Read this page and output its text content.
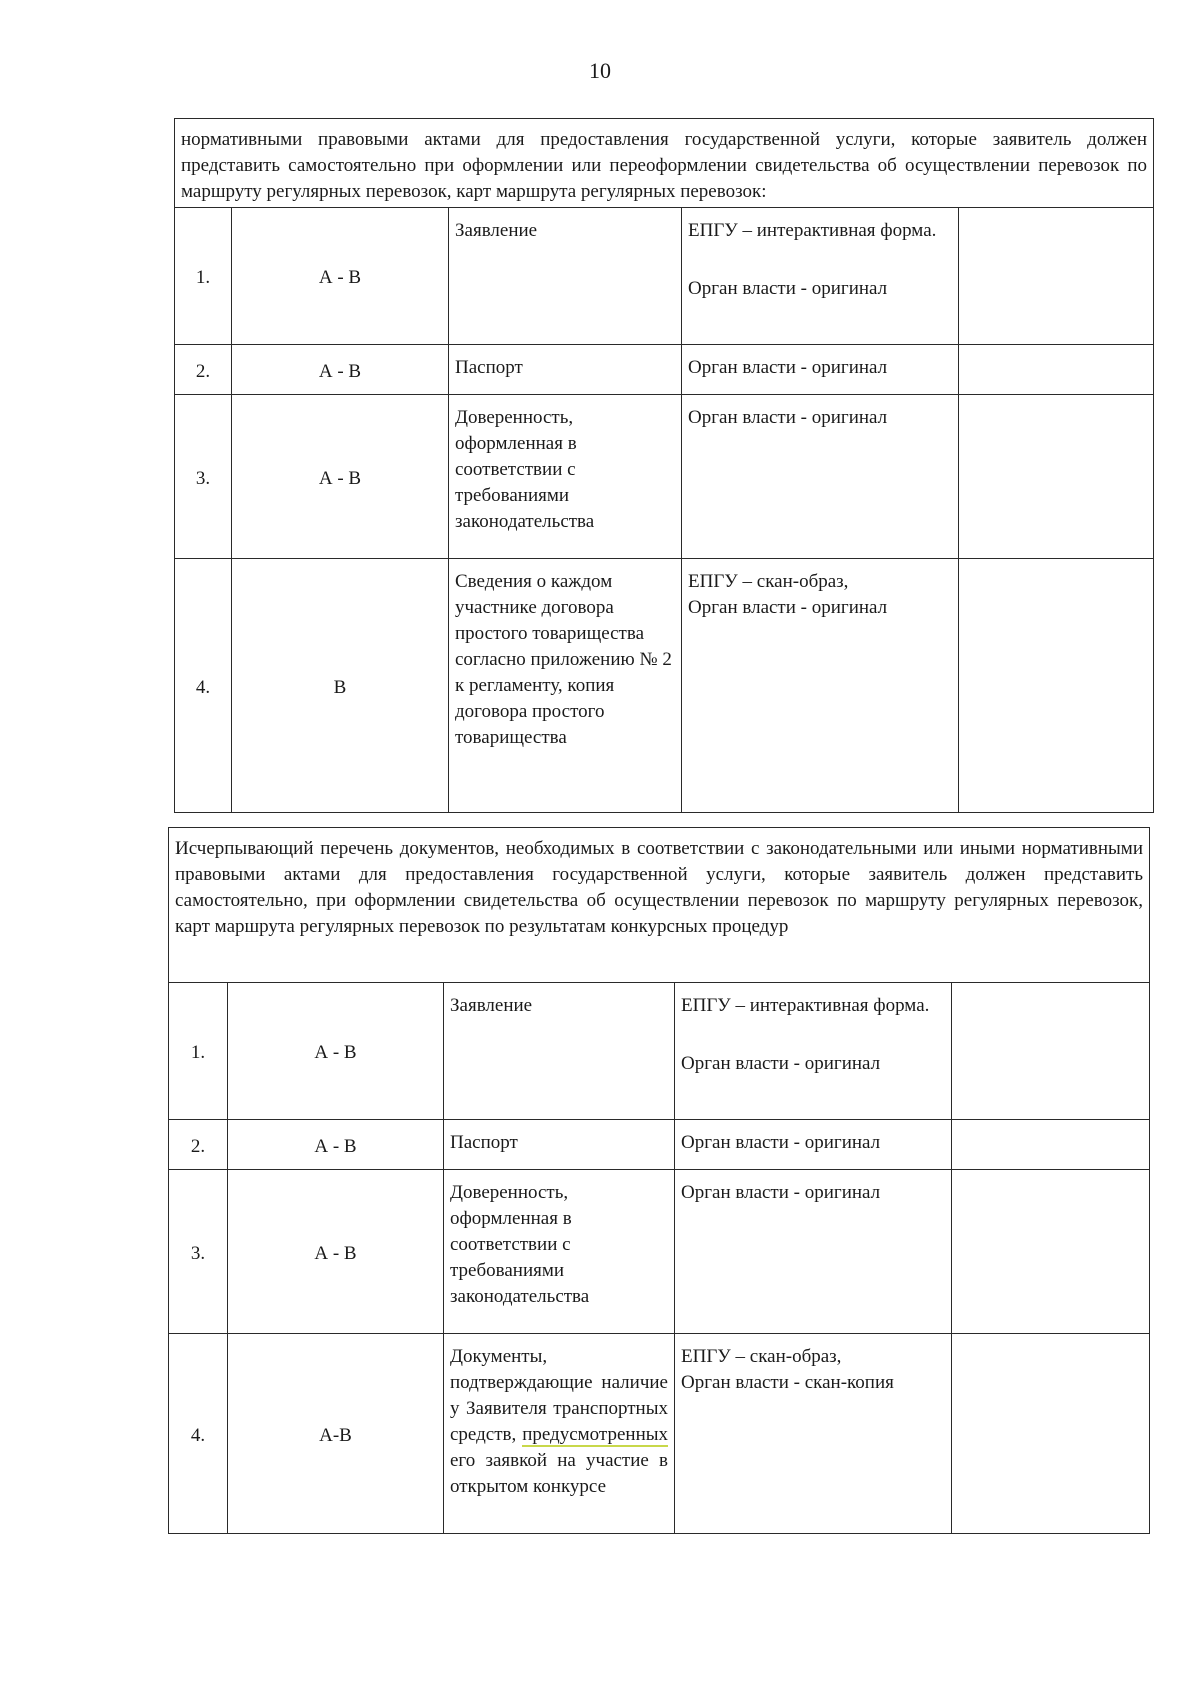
10
нормативными правовыми актами для предоставления государственной услуги, которые заявитель должен представить самостоятельно при оформлении или переоформлении свидетельства об осуществлении перевозок по маршруту регулярных перевозок, карт маршрута регулярных перевозок:				
1.	А - В	Заявление	ЕПГУ – интерактивная форма.
Орган власти - оригинал	
2.	А - В	Паспорт	Орган власти - оригинал	
3.	А - В	Доверенность, оформленная в соответствии с требованиями законодательства	Орган власти - оригинал	
4.	В	Сведения о каждом участнике договора простого товарищества согласно приложению № 2 к регламенту, копия договора простого товарищества	ЕПГУ – скан-образ,
Орган власти - оригинал	
Исчерпывающий перечень документов, необходимых в соответствии с законодательными или иными нормативными правовыми актами для предоставления государственной услуги, которые заявитель должен представить самостоятельно, при оформлении свидетельства об осуществлении перевозок по маршруту регулярных перевозок, карт маршрута регулярных перевозок по результатам конкурсных процедур				
1.	А - В	Заявление	ЕПГУ – интерактивная форма.
Орган власти - оригинал	
2.	А - В	Паспорт	Орган власти - оригинал	
3.	А - В	Доверенность, оформленная в соответствии с требованиями законодательства	Орган власти - оригинал	
4.	А-В	Документы, подтверждающие наличие у Заявителя транспортных средств, предусмотренных его заявкой на участие в открытом конкурсе	ЕПГУ – скан-образ,
Орган власти - скан-копия	
